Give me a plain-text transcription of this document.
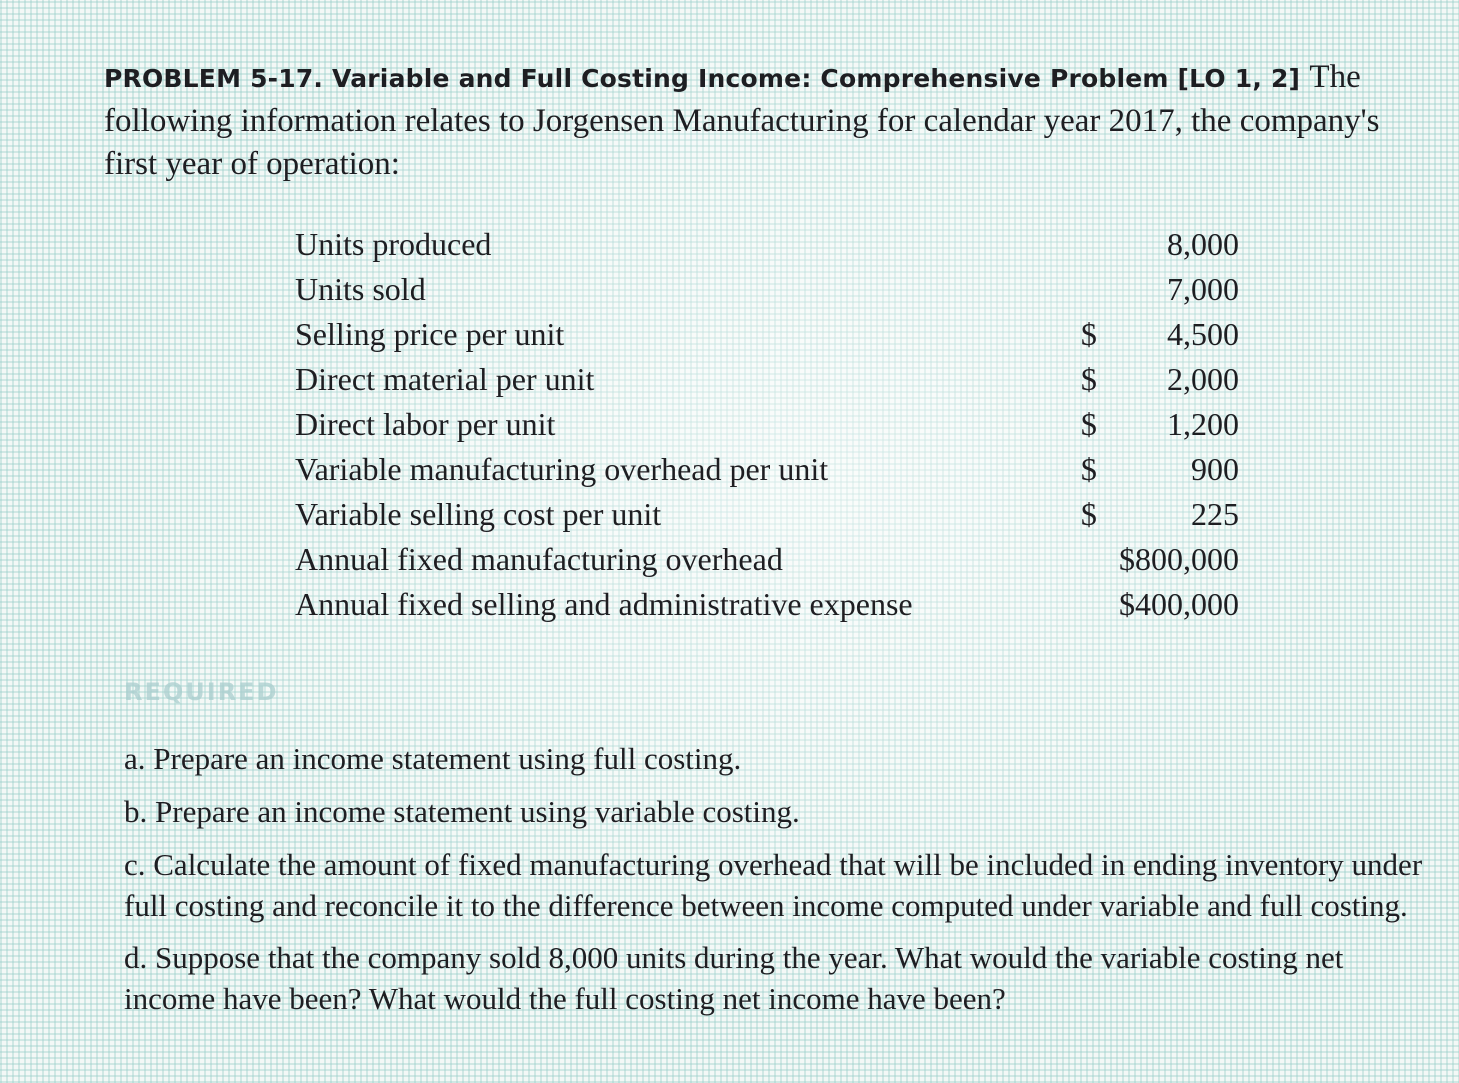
PROBLEM 5-17. Variable and Full Costing Income: Comprehensive Problem [LO 1, 2] The following information relates to Jorgensen Manufacturing for calendar year 2017, the company's first year of operation:

Units produced		8,000
Units sold		7,000
Selling price per unit	$	4,500
Direct material per unit	$	2,000
Direct labor per unit	$	1,200
Variable manufacturing overhead per unit	$	900
Variable selling cost per unit	$	225
Annual fixed manufacturing overhead		$800,000
Annual fixed selling and administrative expense		$400,000
REQUIRED
a. Prepare an income statement using full costing.
b. Prepare an income statement using variable costing.
c. Calculate the amount of fixed manufacturing overhead that will be included in ending inventory under full costing and reconcile it to the difference between income computed under variable and full costing.
d. Suppose that the company sold 8,000 units during the year. What would the variable costing net income have been? What would the full costing net income have been?
